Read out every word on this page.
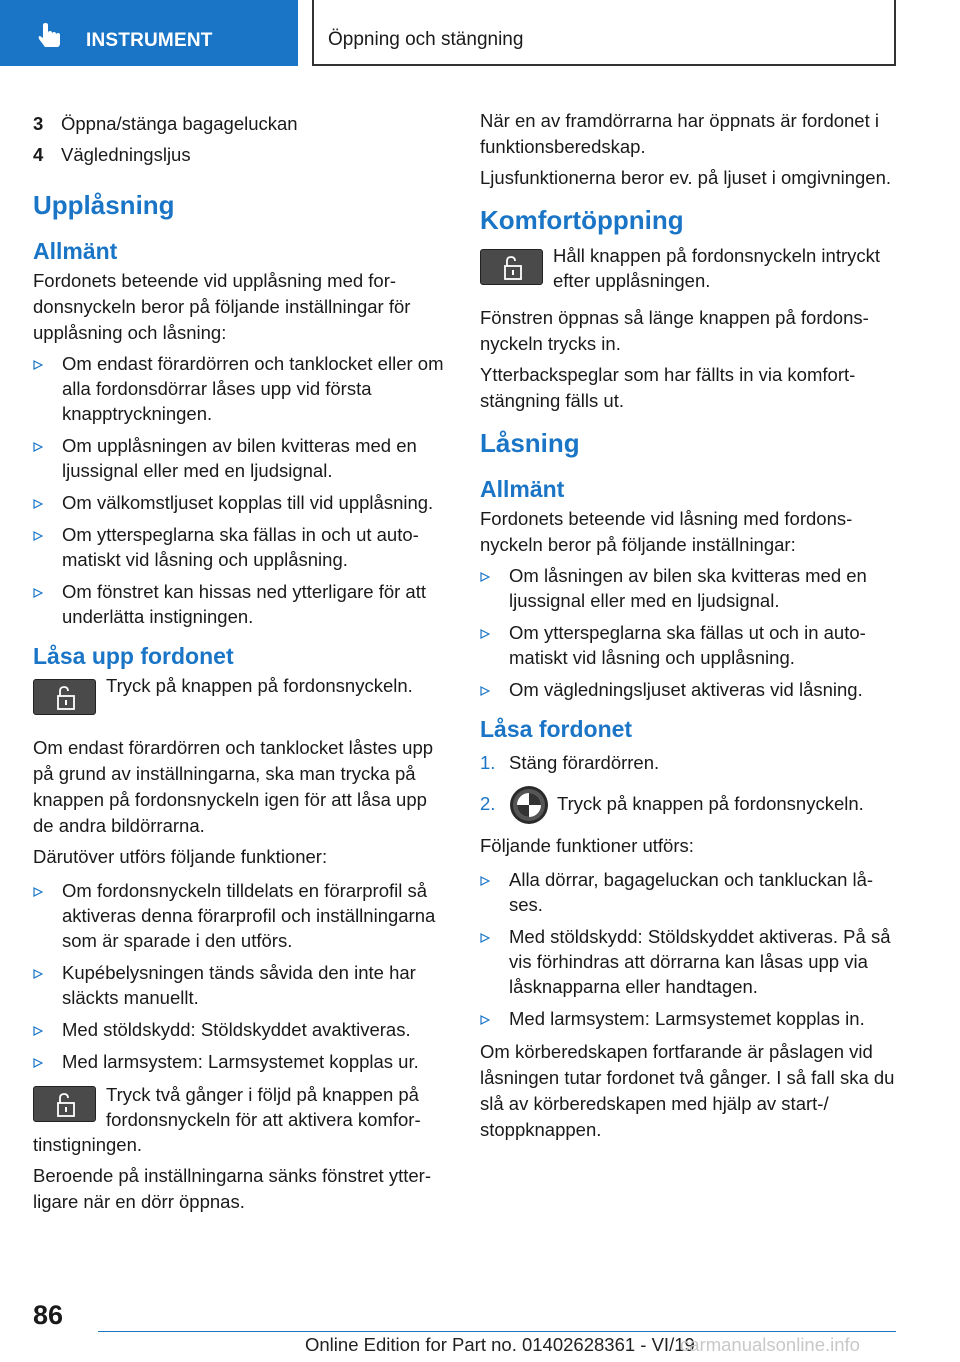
INSTRUMENT	Öppning och stängning
3 Öppna/stänga bagageluckan
4 Vägledningsljus
Upplåsning
Allmänt

Fordonets beteende vid upplåsning med fordonsnyckeln beror på följande inställningar för upplåsning och låsning:

Om endast förardörren och tanklocket eller om alla fordonsdörrar låses upp vid första knapptryckningen.
Om upplåsningen av bilen kvitteras med en ljussignal eller med en ljudsignal.
Om välkomstljuset kopplas till vid upplåsning.
Om ytterspeglarna ska fällas in och ut automatiskt vid låsning och upplåsning.
Om fönstret kan hissas ned ytterligare för att underlätta instigningen.
Låsa upp fordonet
Tryck på knappen på fordonsnyckeln.

Om endast förardörren och tanklocket låstes upp på grund av inställningarna, ska man trycka på knappen på fordonsnyckeln igen för att låsa upp de andra bildörrarna.

Därutöver utförs följande funktioner:

Om fordonsnyckeln tilldelats en förarprofil så aktiveras denna förarprofil och inställningarna som är sparade i den utförs.
Kupébelysningen tänds såvida den inte har släckts manuellt.
Med stöldskydd: Stöldskyddet avaktiveras.
Med larmsystem: Larmsystemet kopplas ur.
Tryck två gånger i följd på knappen på fordonsnyckeln för att aktivera komfortinstigningen.

Beroende på inställningarna sänks fönstret ytterligare när en dörr öppnas.

När en av framdörrarna har öppnats är fordonet i funktionsberedskap.

Ljusfunktionerna beror ev. på ljuset i omgivningen.

Komfortöppning
Håll knappen på fordonsnyckeln intryckt efter upplåsningen.

Fönstren öppnas så länge knappen på fordonsnyckeln trycks in.

Ytterbackspeglar som har fällts in via komfortstängning fälls ut.

Låsning
Allmänt

Fordonets beteende vid låsning med fordonsnyckeln beror på följande inställningar:

Om låsningen av bilen ska kvitteras med en ljussignal eller med en ljudsignal.
Om ytterspeglarna ska fällas ut och in automatiskt vid låsning och upplåsning.
Om vägledningsljuset aktiveras vid låsning.
Låsa fordonet
1. Stäng förardörren.
2.	Tryck på knappen på fordonsnyckeln.

Följande funktioner utförs:

Alla dörrar, bagageluckan och tankluckan låses.
Med stöldskydd: Stöldskyddet aktiveras. På så vis förhindras att dörrarna kan låsas upp via låsknapparna eller handtagen.
Med larmsystem: Larmsystemet kopplas in.

Om körberedskapen fortfarande är påslagen vid låsningen tutar fordonet två gånger. I så fall ska du slå av körberedskapen med hjälp av start-/ stoppknappen.

86
Online Edition for Part no. 01402628361 - VI/19
carmanualsonline.info
